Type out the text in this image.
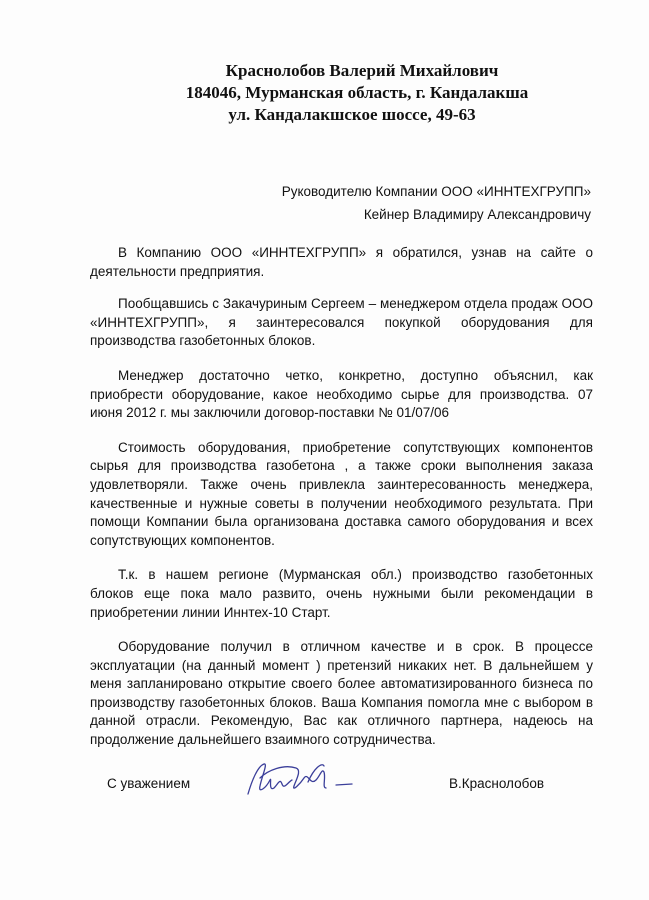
Краснолобов Валерий Михайлович
184046, Мурманская область, г. Кандалакша
ул. Кандалакшское шоссе, 49-63
Руководителю Компании ООО «ИННТЕХГРУПП»
Кейнер Владимиру Александровичу

В Компанию ООО «ИННТЕХГРУПП» я обратился, узнав на сайте о деятельности предприятия.

Пообщавшись с Закачуриным Сергеем – менеджером отдела продаж ООО «ИННТЕХГРУПП», я заинтересовался покупкой оборудования для производства газобетонных блоков.

Менеджер достаточно четко, конкретно, доступно объяснил, как приобрести оборудование, какое необходимо сырье для производства. 07 июня 2012 г. мы заключили договор-поставки № 01/07/06

Стоимость оборудования, приобретение сопутствующих компонентов сырья для производства газобетона , а также сроки выполнения заказа удовлетворяли. Также очень привлекла заинтересованность менеджера, качественные и нужные советы в получении необходимого результата. При помощи Компании была организована доставка самого оборудования и всех сопутствующих компонентов.

Т.к. в нашем регионе (Мурманская обл.) производство газобетонных блоков еще пока мало развито, очень нужными были рекомендации в приобретении линии Иннтех-10 Старт.

Оборудование получил в отличном качестве и в срок. В процессе эксплуатации (на данный момент ) претензий никаких нет. В дальнейшем у меня запланировано открытие своего более автоматизированного бизнеса по производству газобетонных блоков. Ваша Компания помогла мне с выбором в данной отрасли. Рекомендую, Вас как отличного партнера, надеюсь на продолжение дальнейшего взаимного сотрудничества.

С уважением	В.Краснолобов
